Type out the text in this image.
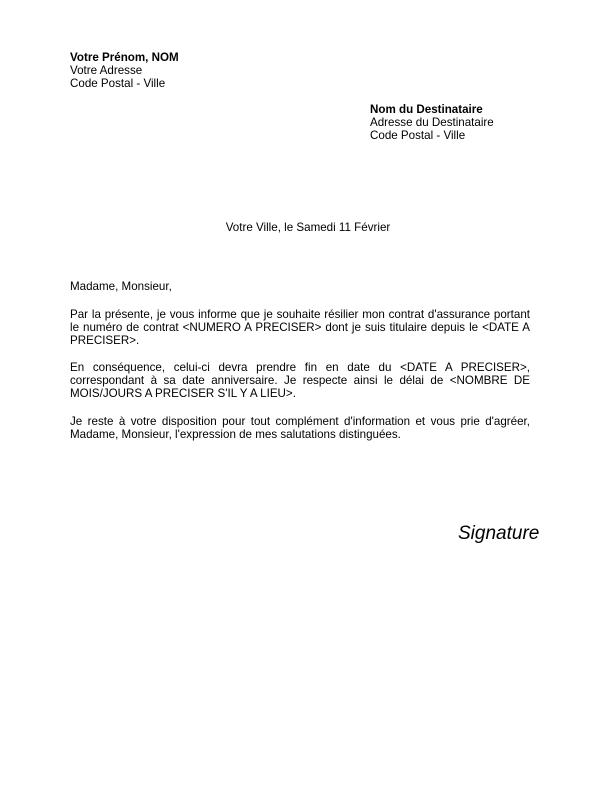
Votre Prénom, NOM
Votre Adresse
Code Postal - Ville
Nom du Destinataire
Adresse du Destinataire
Code Postal - Ville
Votre Ville, le Samedi 11 Février

Madame, Monsieur,

Par la présente, je vous informe que je souhaite résilier mon contrat d'assurance portant le numéro de contrat <NUMERO A PRECISER> dont je suis titulaire depuis le <DATE A PRECISER>.

En conséquence, celui-ci devra prendre fin en date du <DATE A PRECISER>, correspondant à sa date anniversaire. Je respecte ainsi le délai de <NOMBRE DE MOIS/JOURS A PRECISER S'IL Y A LIEU>.

Je reste à votre disposition pour tout complément d'information et vous prie d'agréer, Madame, Monsieur, l'expression de mes salutations distinguées.

Signature
